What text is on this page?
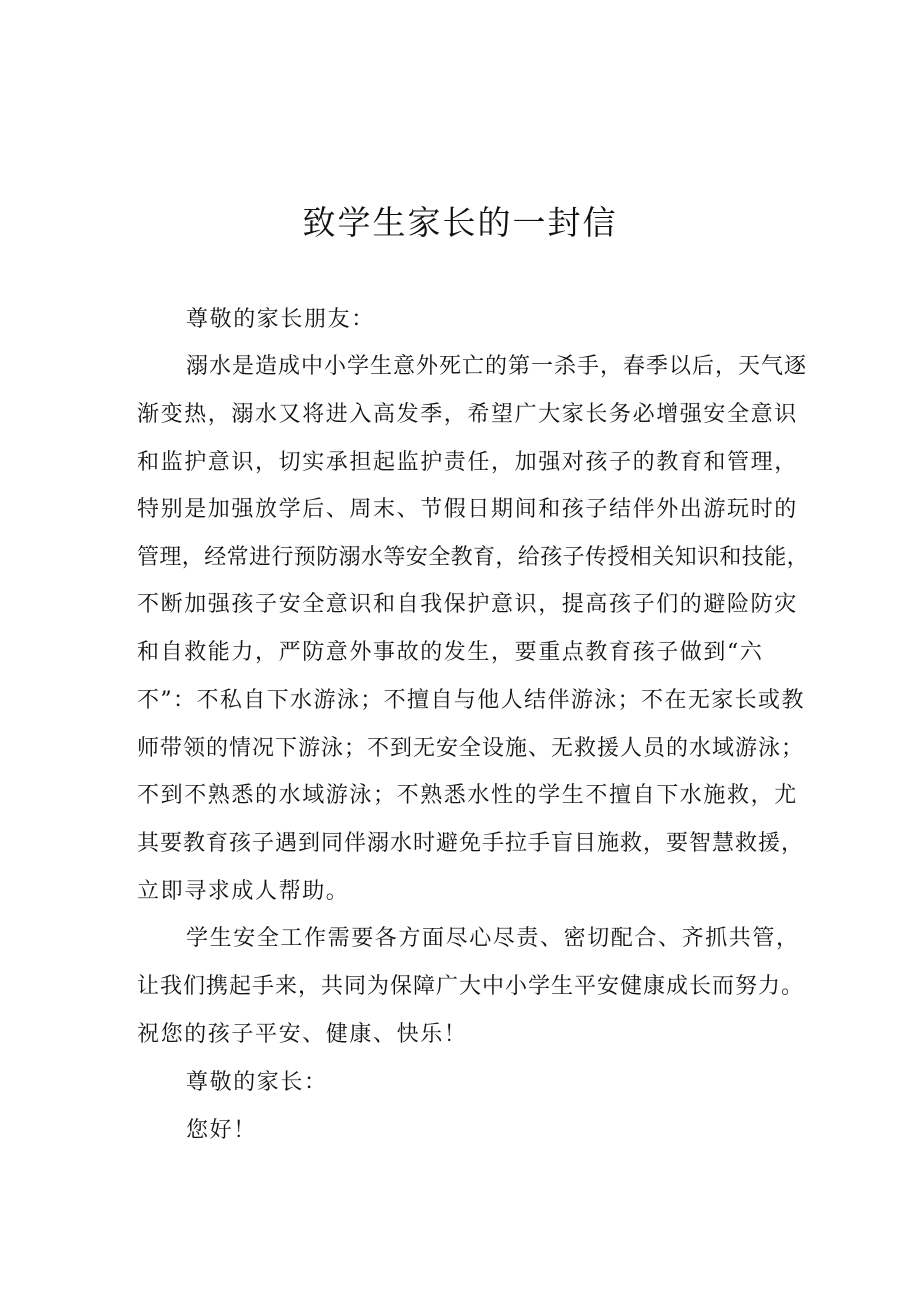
致学生家长的一封信
尊敬的家长朋友：
溺水是造成中小学生意外死亡的第一杀手，春季以后，天气逐
渐变热，溺水又将进入高发季，希望广大家长务必增强安全意识
和监护意识，切实承担起监护责任，加强对孩子的教育和管理，
特别是加强放学后、周末、节假日期间和孩子结伴外出游玩时的
管理，经常进行预防溺水等安全教育，给孩子传授相关知识和技能，
不断加强孩子安全意识和自我保护意识，提高孩子们的避险防灾
和自救能力，严防意外事故的发生，要重点教育孩子做到“六
不”：不私自下水游泳；不擅自与他人结伴游泳；不在无家长或教
师带领的情况下游泳；不到无安全设施、无救援人员的水域游泳；
不到不熟悉的水域游泳；不熟悉水性的学生不擅自下水施救，尤
其要教育孩子遇到同伴溺水时避免手拉手盲目施救，要智慧救援，
立即寻求成人帮助。
学生安全工作需要各方面尽心尽责、密切配合、齐抓共管，
让我们携起手来，共同为保障广大中小学生平安健康成长而努力。
祝您的孩子平安、健康、快乐！
尊敬的家长：
您好！
